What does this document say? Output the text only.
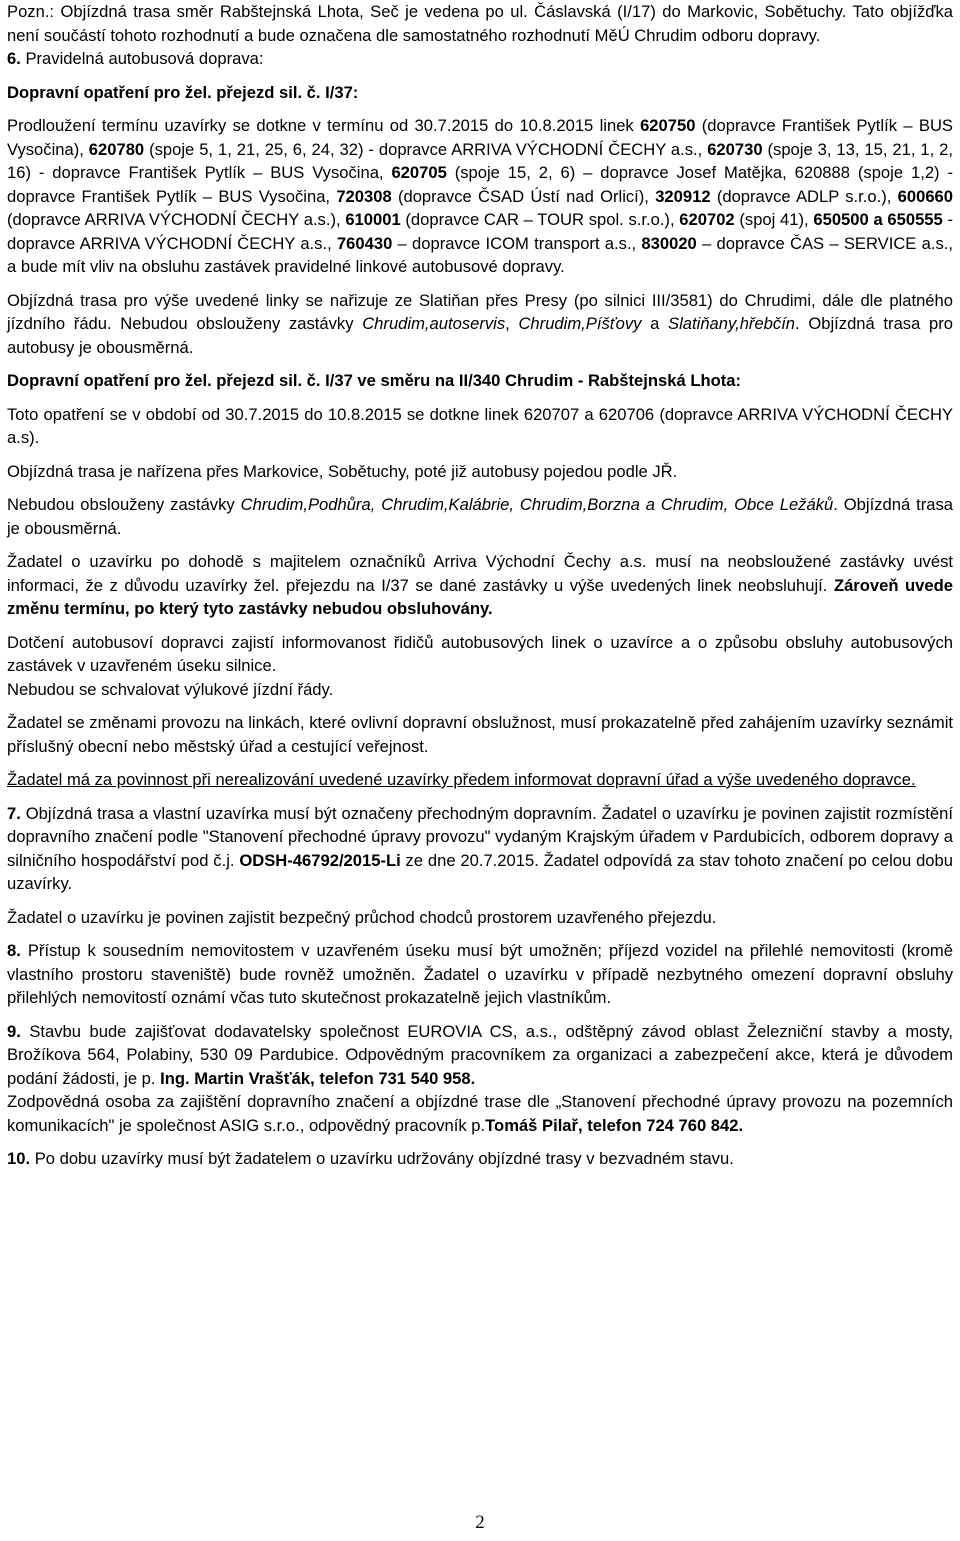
Pozn.: Objízdná trasa směr Rabštejnská Lhota, Seč je vedena po ul. Čáslavská (I/17) do Markovic, Sobětuchy. Tato objížďka není součástí tohoto rozhodnutí a bude označena dle samostatného rozhodnutí MěÚ Chrudim odboru dopravy.

6. Pravidelná autobusová doprava:

Dopravní opatření pro žel. přejezd sil. č. I/37:

Prodloužení termínu uzavírky se dotkne v termínu od 30.7.2015 do 10.8.2015 linek 620750 (dopravce František Pytlík – BUS Vysočina), 620780 (spoje 5, 1, 21, 25, 6, 24, 32) - dopravce ARRIVA VÝCHODNÍ ČECHY a.s., 620730 (spoje 3, 13, 15, 21, 1, 2, 16) - dopravce František Pytlík – BUS Vysočina, 620705 (spoje 15, 2, 6) – dopravce Josef Matějka, 620888 (spoje 1,2) - dopravce František Pytlík – BUS Vysočina, 720308 (dopravce ČSAD Ústí nad Orlicí), 320912 (dopravce ADLP s.r.o.), 600660 (dopravce ARRIVA VÝCHODNÍ ČECHY a.s.), 610001 (dopravce CAR – TOUR spol. s.r.o.), 620702 (spoj 41), 650500 a 650555 - dopravce ARRIVA VÝCHODNÍ ČECHY a.s., 760430 – dopravce ICOM transport a.s., 830020 – dopravce ČAS – SERVICE a.s., a bude mít vliv na obsluhu zastávek pravidelné linkové autobusové dopravy.

Objízdná trasa pro výše uvedené linky se nařizuje ze Slatiňan přes Presy (po silnici III/3581) do Chrudimi, dále dle platného jízdního řádu. Nebudou obslouženy zastávky Chrudim,autoservis, Chrudim,Píšťovy a Slatiňany,hřebčín. Objízdná trasa pro autobusy je obousměrná.

Dopravní opatření pro žel. přejezd sil. č. I/37 ve směru na II/340 Chrudim - Rabštejnská Lhota:

Toto opatření se v období od 30.7.2015 do 10.8.2015 se dotkne linek 620707 a 620706 (dopravce ARRIVA VÝCHODNÍ ČECHY a.s).

Objízdná trasa je nařízena přes Markovice, Sobětuchy, poté již autobusy pojedou podle JŘ.

Nebudou obslouženy zastávky Chrudim,Podhůra, Chrudim,Kalábrie, Chrudim,Borzna a Chrudim, Obce Ležáků. Objízdná trasa je obousměrná.

Žadatel o uzavírku po dohodě s majitelem označníků Arriva Východní Čechy a.s. musí na neobsloužené zastávky uvést informaci, že z důvodu uzavírky žel. přejezdu na I/37 se dané zastávky u výše uvedených linek neobsluhují. Zároveň uvede změnu termínu, po který tyto zastávky nebudou obsluhovány.

Dotčení autobusoví dopravci zajistí informovanost řidičů autobusových linek o uzavírce a o způsobu obsluhy autobusových zastávek v uzavřeném úseku silnice.

Nebudou se schvalovat výlukové jízdní řády.

Žadatel se změnami provozu na linkách, které ovlivní dopravní obslužnost, musí prokazatelně před zahájením uzavírky seznámit příslušný obecní nebo městský úřad a cestující veřejnost.

Žadatel má za povinnost při nerealizování uvedené uzavírky předem informovat dopravní úřad a výše uvedeného dopravce.

7. Objízdná trasa a vlastní uzavírka musí být označeny přechodným dopravním. Žadatel o uzavírku je povinen zajistit rozmístění dopravního značení podle "Stanovení přechodné úpravy provozu" vydaným Krajským úřadem v Pardubicích, odborem dopravy a silničního hospodářství pod č.j. ODSH-46792/2015-Li ze dne 20.7.2015. Žadatel odpovídá za stav tohoto značení po celou dobu uzavírky.

Žadatel o uzavírku je povinen zajistit bezpečný průchod chodců prostorem uzavřeného přejezdu.

8. Přístup k sousedním nemovitostem v uzavřeném úseku musí být umožněn; příjezd vozidel na přilehlé nemovitosti (kromě vlastního prostoru staveniště) bude rovněž umožněn. Žadatel o uzavírku v případě nezbytného omezení dopravní obsluhy přilehlých nemovitostí oznámí včas tuto skutečnost prokazatelně jejich vlastníkům.

9. Stavbu bude zajišťovat dodavatelsky společnost EUROVIA CS, a.s., odštěpný závod oblast Železniční stavby a mosty, Brožíkova 564, Polabiny, 530 09 Pardubice. Odpovědným pracovníkem za organizaci a zabezpečení akce, která je důvodem podání žádosti, je p. Ing. Martin Vrašťák, telefon 731 540 958.

Zodpovědná osoba za zajištění dopravního značení a objízdné trase dle „Stanovení přechodné úpravy provozu na pozemních komunikacích" je společnost ASIG s.r.o., odpovědný pracovník p.Tomáš Pilař, telefon 724 760 842.

10. Po dobu uzavírky musí být žadatelem o uzavírku udržovány objízdné trasy v bezvadném stavu.

2
